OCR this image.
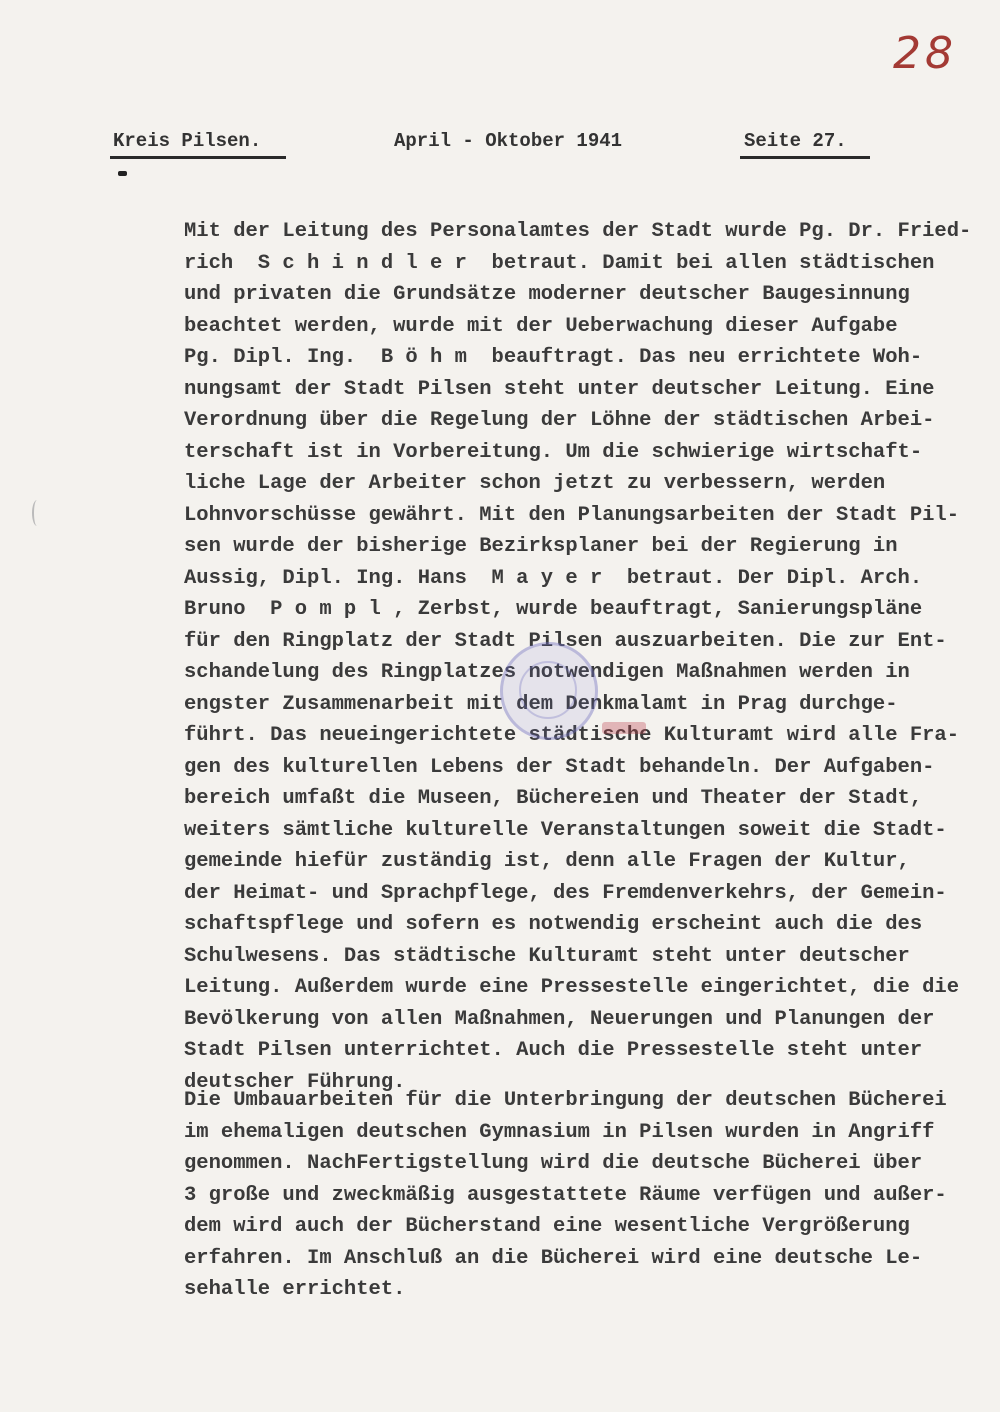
28
Kreis Pilsen.	April - Oktober 1941	Seite 27.
Mit der Leitung des Personalamtes der Stadt wurde Pg. Dr. Fried-
rich  S c h i n d l e r  betraut. Damit bei allen städtischen
und privaten die Grundsätze moderner deutscher Baugesinnung
beachtet werden, wurde mit der Ueberwachung dieser Aufgabe
Pg. Dipl. Ing.  B ö h m  beauftragt. Das neu errichtete Woh-
nungsamt der Stadt Pilsen steht unter deutscher Leitung. Eine
Verordnung über die Regelung der Löhne der städtischen Arbei-
terschaft ist in Vorbereitung. Um die schwierige wirtschaft-
liche Lage der Arbeiter schon jetzt zu verbessern, werden
Lohnvorschüsse gewährt. Mit den Planungsarbeiten der Stadt Pil-
sen wurde der bisherige Bezirksplaner bei der Regierung in
Aussig, Dipl. Ing. Hans  M a y e r  betraut. Der Dipl. Arch.
Bruno  P o m p l , Zerbst, wurde beauftragt, Sanierungspläne
für den Ringplatz der Stadt Pilsen auszuarbeiten. Die zur Ent-
schandelung des Ringplatzes notwendigen Maßnahmen werden in
engster Zusammenarbeit mit dem Denkmalamt in Prag durchge-
führt. Das neueingerichtete städtische Kulturamt wird alle Fra-
gen des kulturellen Lebens der Stadt behandeln. Der Aufgaben-
bereich umfaßt die Museen, Büchereien und Theater der Stadt,
weiters sämtliche kulturelle Veranstaltungen soweit die Stadt-
gemeinde hiefür zuständig ist, denn alle Fragen der Kultur,
der Heimat- und Sprachpflege, des Fremdenverkehrs, der Gemein-
schaftspflege und sofern es notwendig erscheint auch die des
Schulwesens. Das städtische Kulturamt steht unter deutscher
Leitung. Außerdem wurde eine Pressestelle eingerichtet, die die
Bevölkerung von allen Maßnahmen, Neuerungen und Planungen der
Stadt Pilsen unterrichtet. Auch die Pressestelle steht unter
deutscher Führung.
Die Umbauarbeiten für die Unterbringung der deutschen Bücherei
im ehemaligen deutschen Gymnasium in Pilsen wurden in Angriff
genommen. NachFertigstellung wird die deutsche Bücherei über
3 große und zweckmäßig ausgestattete Räume verfügen und außer-
dem wird auch der Bücherstand eine wesentliche Vergrößerung
erfahren. Im Anschluß an die Bücherei wird eine deutsche Le-
sehalle errichtet.
